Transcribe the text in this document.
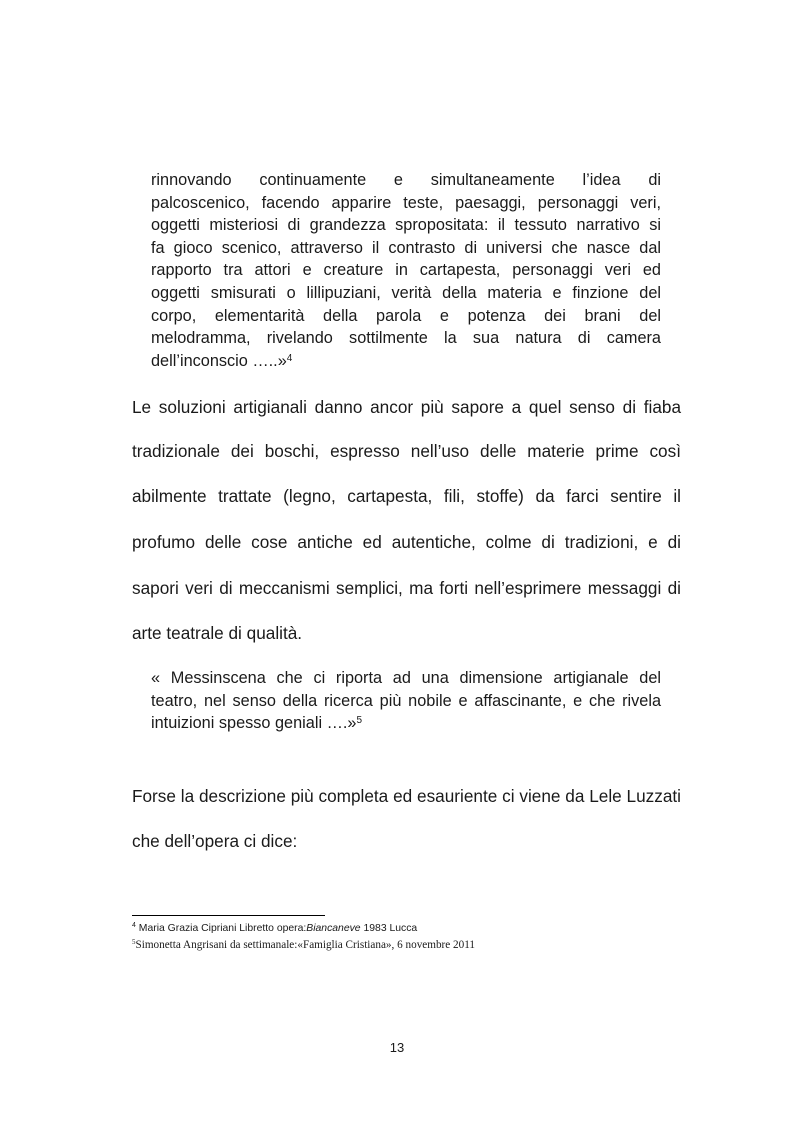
rinnovando continuamente e simultaneamente l’idea di
palcoscenico, facendo apparire teste, paesaggi, personaggi veri,
oggetti misteriosi di grandezza spropositata: il tessuto narrativo si
fa gioco scenico, attraverso il contrasto di universi che nasce dal
rapporto tra attori e creature in cartapesta, personaggi veri ed
oggetti smisurati o lillipuziani, verità della materia e finzione del
corpo, elementarità della parola e potenza dei brani del
melodramma, rivelando sottilmente la sua natura di camera
dell’inconscio …..»$^4$
Le soluzioni artigianali danno ancor più sapore a quel senso di fiaba
tradizionale dei boschi, espresso nell’uso delle materie prime così
abilmente trattate (legno, cartapesta, fili, stoffe) da farci sentire il
profumo delle cose antiche ed autentiche, colme di tradizioni, e di
sapori veri di meccanismi semplici, ma forti nell’esprimere messaggi di
arte teatrale di qualità.
« Messinscena che ci riporta ad una dimensione artigianale del
teatro, nel senso della ricerca più nobile e affascinante, e che rivela
intuizioni spesso geniali ….»$^5$
Forse la descrizione più completa ed esauriente ci viene da Lele Luzzati
che dell’opera ci dice:
$^4$ Maria Grazia Cipriani Libretto opera:Biancaneve 1983 Lucca
$^5$Simonetta Angrisani da settimanale:«Famiglia Cristiana», 6 novembre 2011
13
